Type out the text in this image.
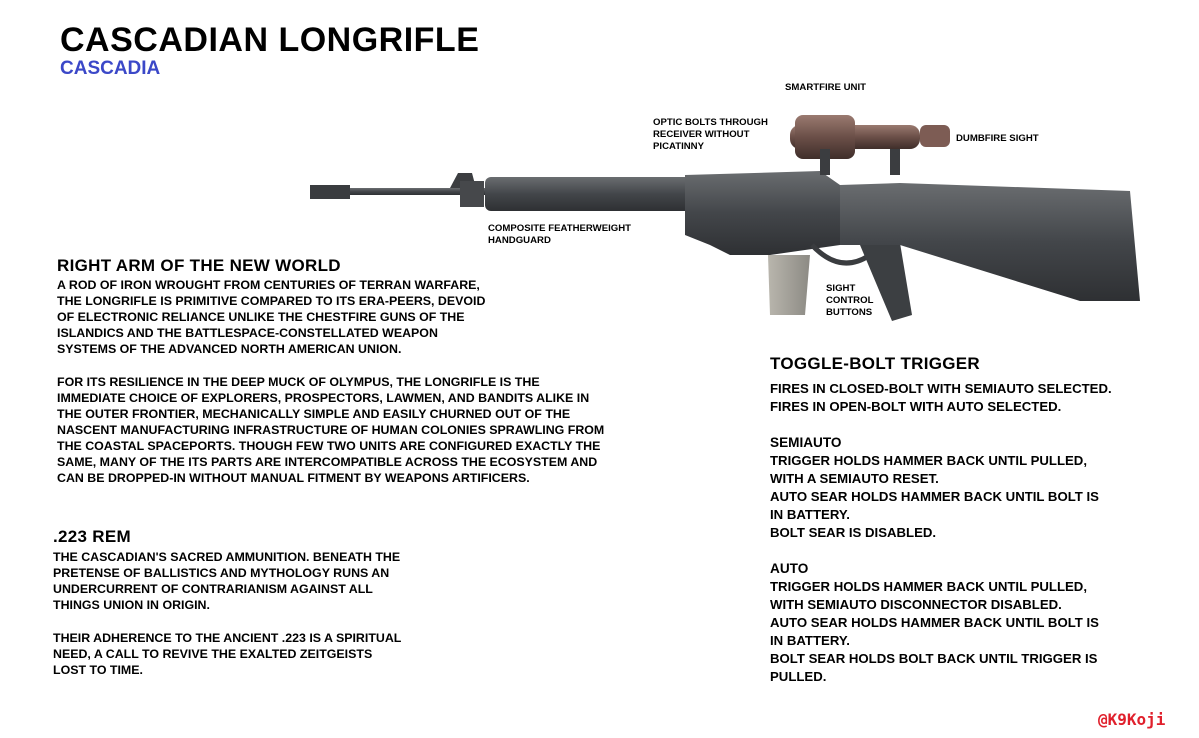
CASCADIAN LONGRIFLE
CASCADIA
SMARTFIRE UNIT
OPTIC BOLTS THROUGH
RECEIVER WITHOUT
PICATINNY
DUMBFIRE SIGHT
COMPOSITE FEATHERWEIGHT
HANDGUARD
SIGHT
CONTROL
BUTTONS
RIGHT ARM OF THE NEW WORLD
A ROD OF IRON WROUGHT FROM CENTURIES OF TERRAN WARFARE,
THE LONGRIFLE IS PRIMITIVE COMPARED TO ITS ERA-PEERS, DEVOID
OF ELECTRONIC RELIANCE UNLIKE THE CHESTFIRE GUNS OF THE
ISLANDICS AND THE BATTLESPACE-CONSTELLATED WEAPON
SYSTEMS OF THE ADVANCED NORTH AMERICAN UNION.
FOR ITS RESILIENCE IN THE DEEP MUCK OF OLYMPUS, THE LONGRIFLE IS THE
IMMEDIATE CHOICE OF EXPLORERS, PROSPECTORS, LAWMEN, AND BANDITS ALIKE IN
THE OUTER FRONTIER, MECHANICALLY SIMPLE AND EASILY CHURNED OUT OF THE
NASCENT MANUFACTURING INFRASTRUCTURE OF HUMAN COLONIES SPRAWLING FROM
THE COASTAL SPACEPORTS. THOUGH FEW TWO UNITS ARE CONFIGURED EXACTLY THE
SAME, MANY OF THE ITS PARTS ARE INTERCOMPATIBLE ACROSS THE ECOSYSTEM AND
CAN BE DROPPED-IN WITHOUT MANUAL FITMENT BY WEAPONS ARTIFICERS.
.223 REM
THE CASCADIAN'S SACRED AMMUNITION. BENEATH THE
PRETENSE OF BALLISTICS AND MYTHOLOGY RUNS AN
UNDERCURRENT OF CONTRARIANISM AGAINST ALL
THINGS UNION IN ORIGIN.
THEIR ADHERENCE TO THE ANCIENT .223 IS A SPIRITUAL
NEED, A CALL TO REVIVE THE EXALTED ZEITGEISTS
LOST TO TIME.
TOGGLE-BOLT TRIGGER
FIRES IN CLOSED-BOLT WITH SEMIAUTO SELECTED.
FIRES IN OPEN-BOLT WITH AUTO SELECTED.
SEMIAUTO
TRIGGER HOLDS HAMMER BACK UNTIL PULLED,
WITH A SEMIAUTO RESET.
AUTO SEAR HOLDS HAMMER BACK UNTIL BOLT IS
IN BATTERY.
BOLT SEAR IS DISABLED.
AUTO
TRIGGER HOLDS HAMMER BACK UNTIL PULLED,
WITH SEMIAUTO DISCONNECTOR DISABLED.
AUTO SEAR HOLDS HAMMER BACK UNTIL BOLT IS
IN BATTERY.
BOLT SEAR HOLDS BOLT BACK UNTIL TRIGGER IS
PULLED.
@K9Koji
